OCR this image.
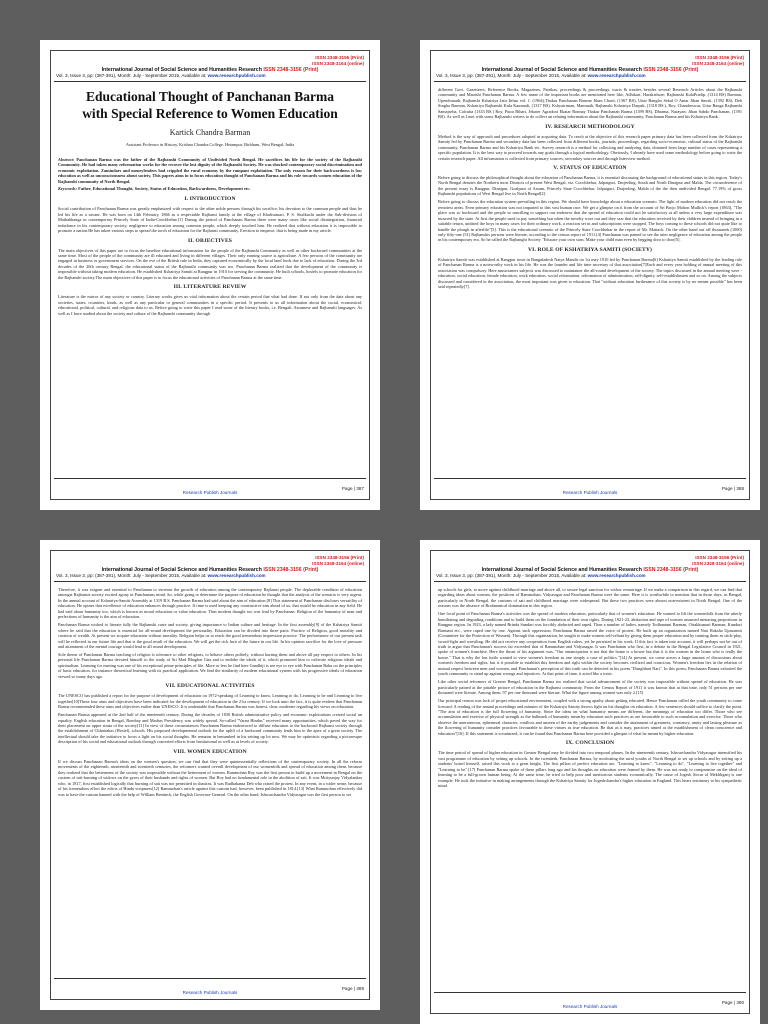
ISSN 2348-3156 (Print)
ISSN 2348-3164 (online)
International Journal of Social Science and Humanities Research ISSN 2348-3156 (Print)
Vol. 3, Issue 3, pp: (387-391), Month: July - September 2015, Available at: www.researchpublish.com
Educational Thought of Panchanan Barma
with Special Reference to Women Education
Kartick Chandra Barman
Assistant Professor in History, Krishna Chandra College, Hetampur, Birbhum, West Bengal, India
Abstract: Panchanan Barma was the father of the Rajbanshi Community of Undivided North Bengal. He sacrifices his life for the society of the Rajbanshi Community. He had taken many reformation works for the recover the lost dignity of the Rajbanshi Society. He was shocked contemporary social discrimination and economic exploitation. Zamindars and moneylenders had crippled the rural economy by the rampant exploitation. The only reason for their backwardness is low education as well as unconsciousness about society. This papers aims in to focus education thought of Panchanan Barma and his role towards women education of the Rajbanshi community of North Bengal.
Keywords: Father, Educational Thought, Society, Status of Education, Backwardness, Development etc.
I. INTRODUCTION

Social contribution of Panchanan Barma was greatly emphasized with respect to the other noble persons through his sacrifice, his devotion to the common people and thus he led his life as a savant. He was born on 14th February, 1866 as a respectable Rajbansi family at the village of Khalisamari, P. S. Sitalkuchi under the Sub-division of Mathabhanga in contemporary Princely State of India-Coochbehar.[1] During the period of Panchanan Barma there were many cases like social disintegration, financial imbalance in his contemporary society, negligence to education among common people, which deeply touched him. He realized that without education it is impossible to promote a nation.He has taken various steps to spread the torch of education for the Rajbansi community. Erection to emperor, that is being made in my article.

II. OBJECTIVES

The main objectives of this paper are to focus the baseline educational information for the people of the Rajbanshi Community as well as other backward communities at the same time. Most of the people of the community are ill educated and living in different villages. Their only earning source is agriculture. A few persons of the community are engaged in business or government services. On the eve of the British rule in India, they captured economically by the local land lords due to lack of education. During the 3rd decades of the 20th century Bengal, the educational status of the Rajbanshi community was too. Panchanan Barma realized that the development of the community is impossible without taking modern education. He established Kshatriya Samiti at Rangpur in 1910 for serving the community. He built schools, hostels to promote education for the Rajbanshi society.The main objectives of this paper is to focus the educational activities of Panchanan Barma at the same time.

III. LITERATURE REVIEW

Literature is the mirror of any society or country. Literary works gives us vital information about the certain period that what had done. If not only from the data about any societies, states, countries, kinds, as well as any particular or general communities in a specific period. It presents to us all information about the social, economical, educational, political, cultural, and religious data to us. Before going to write this paper I read some of the literary books, i.e. Bengali, Assamese and Rajbanshi languages. As well as I have studied about the society and culture of the Rajbanshi community through

Page | 387
Research Publish Journals
ISSN 2348-3156 (Print)
ISSN 2348-3164 (online)
International Journal of Social Science and Humanities Research ISSN 2348-3156 (Print)
Vol. 3, Issue 3, pp: (387-391), Month: July - September 2015, Available at: www.researchpublish.com

different Govt. Gazetteers, Reference Books, Magazines, Patrikas, proceedings & proceedings, tracts & treaties besides several Research Articles about the Rajbanshi community and Manishi Panchanan Barma. A few name of the important books are mentioned here like, Adhikari, Harakishore; Rajbanshi KulaPradip, (1314 BS) Barman, Upendranath; Rajbanshi Kshatriya Jatir Itihas vol. 1. (1964),Thakur Panchanan Barmar Jiban Charit, (1367 BS), Uttar Banglar Sekal O Amar Jiban Smriti, (1392 BS). Deb Singha Barman, Kshatriya Rajbanshi Kula Kaumudi, (1317 BS). Kshyatriman, Manmath, Rajbanshi Kshatriya Darpak, (1318 BS.), Roy, Chandreswar, Uttar Banga Rajbanshi Samajseba, Calcutta (1333 BS.) Roy, Putra Bihari, Jekater Agradoot Ekatar Bonnay Thakur Panchanan Barma (1399 BS), Dharma, Narayan; Jiban Sabdo Panchanan, (1391 BS). As well as I met with some Rajbanshi writers to do collect an relating information about the Rajbanshi community, Panchanan Barma and his Kshatriya Bank.

IV. RESEARCH METHODOLOGY

Method is the way of approach and procedures adopted in acquiring data. To reach at the objective of this research paper primary data has been collected from the Kshatriya Samity led by Panchanan Barma and secondary data has been collected from different books, journals, proceedings, regarding socio-economic, cultural status of the Rajbanshi community, Panchanan Barma and his Kshatriya Bank etc. Survey research is a method for collecting and analyzing data, obtained from large number of cases representing a specific population. It is the best way to proceed towards any goals through a logical methodology. Obviously, I already have used some methodology before going to write the certain research paper. All information is collected from primary sources, secondary sources and through Interview method.

V. STATUS OF EDUCATION

Before going to discuss the philosophical thought about the education of Panchanan Barma, it is essential discussing the background of educational status in this region. Today's North Bengal denotes the Northern most Districts of present West Bengal, viz. Coochbehar, Jalpaiguri, Darjeeling, South and North Dinajpur and Malda. The circumference of the present essay is Rangpur, Dinajpur, Goalpara of Assam, Princely State Coochbehar, Jalpaiguri, Darjeeling, Malda of the the then undivided Bengal. 77.19% of gross Rajbanshi populations of West Bengal live in North Bengal[2].

Before going to discuss the education system prevailing in this region. We should have knowledge about a education scenario. The light of modern education did not reach the remotest areas. Even primary education was not imparted to this vast human race. We get a glimpse on it from the account of Sri Brojo Mohon Mullick's report (1863), "The place was so backward and the people so unwilling to support our endeavor that the spread of education could not be satisfactory at all unless a very large expenditure was incurred by the state. At first the people used to pay something but when the novelty wore out and they saw that the education received by their children instead of bringing in a suitable return, unfitted the boys in many cases for their ordinary work, a reaction set in and subscriptions were stopped. The boys coming to these schools did not quite like to handle the plough in afterlife"[3]. This is the educational scenario of the Princely State Coochbehar in the report of Mr. Mattack. On the other hand out off thousands (1000) only fifty-one (51) Rajbanshis persons were literate, according to the census report of 1911.[4] Panchanan was pained to see the utter negligence of education among the people in his contemporary era. So he called the Rajbanghi Society "Educate your own sons. Make your child man even by begging door to door[5].

VI. ROLE OF KSHATRIYA SAMITI (SOCIETY)

Kshatriya Samiti was established at Rangpur town in Bangaladesh Natya Mandir on 1st may 1910 led by Panchanan Barma[6] Kshatriya Samiti established by the leading role of Panchanan Barma is a noteworthy work in his life. He was the founder and life time secretary of that association[7]Each and every year holding of annual meeting of this association was compulsory. Here musicianers subjects was discussed to maintainer the all-round development of the society. The topics discussed in the annual meeting were - education, social education, female education, work education, social reformation, reformation of administration, self-dignity, self-establishment and so on. Among the subjects discussed and considered in the association, the most important was given to education. That "without education furtherance of this society is by no means possible" has been said repeatedly[7].

Page | 388
Research Publish Journals
ISSN 2348-3156 (Print)
ISSN 2348-3164 (online)
International Journal of Social Science and Humanities Research ISSN 2348-3156 (Print)
Vol. 3, Issue 3, pp: (387-391), Month: July - September 2015, Available at: www.researchpublish.com

Therefore, it was exigent and essential to Panchanan to increase the growth of education among the contemporary Rajbansi people. The deplorable condition of education amongst Rajbansis society excited agony in Panchanans mind. So, while going to determine the purpose of education he thought that the analysis of the scenario is very urgent. In the annual account of Kshatriya-Samiti Assembly at 1319 B.S. Panchanan Barma had said about the aim of education.[8] This statement of Panchanan discloses versatility of education. He opines that excellence of education enhances through practice. If time is used keeping any constructive aim ahead of us, that would be education in any field. He had said about humanity too, which is known as moral education or value education. Thus modern thought too was lead by Panchanan. Religion of the humanity of man and perfections of humanity is the aim of education.

Panchanan Barma wished to literate fully the Rajbanshi caste and society, giving importance to Indian culture and heritage. In the first assembly[9] of the Kshatriya Samiti where he said that the education is essential for all-round development the personality. Education can be divided into three parts: Practice of Religion, good morality and creation of wealth. At present we acquire education without morality. Religion helps us to reach the good tremendous impression practice. The performance of our present task will be reflected in our future life and that is the good result of the education. We will get the rich fruit of the future in our life. In his opinion sacrifice for the love of pressure and attainment of the mental courage would lead to all round development.

Sole theme of Panchanan Barma teaching of religion is tolerance to other religions, to behave others politely, without hurting them and above all pay respect to others. In his personal life Panchanan Barma devoted himself to the study of Sri Mad Bhagbat Gita and to embibe the ideals of it, which promoted him to cultivate religious ideals and spiritualism. Learning for earning was one of his exceptional prime principles of life. More or less he find here Gandhiji is see eye to eye with Panchanan Babu on the principles of basic education. for instance theoretical learning with its practical application. We find the similarity of modern educational system with his progressive ideals of education viewed so many days ago.

VII. EDUCATIONAL ACTIVITIES

The UNESCO has published a report for the purpose of development of education on 1972-speaking of Learning to know, Learning to do, Learning to be and Learning to live together[10]These four aims and objectives have been indicated for the development of education in the 21st century. If we look unto the fact, it is quite evident that Panchanan Barma recommended these aims and objectives earlier than UNESCO. It is undeniable that Panchanan Barma was honest, clear, moderate regarding his views on education.

Panchanan Barma appeared at the 2nd half of the nineteenth century. During the decades of 1830 British administrative policy and economic exploitations created social un equality. English education in Bengal, Bombay and Madras Presidency was widely spread. So-called "Varna Hindus" received many opportunities, which paved the way for their placement on upper strata of the society[11] In view of these circumstances Panchanan Barma endeavored to diffuse education to the backward Rajbansi society through the establishment of Chhatrabas (Hostel), schools. His proposed developmental outlook for the uplift of a backward community lends him to the apex of a great society. The intellectual should take the initiative to focus a light on his social thoughts. He remains in benumbed in his setting up lot now. We may be optimistic regarding a picturesque description of his social and educational outlook through concerted efforts from Institutional as well as at levels of society.

VIII. WOMEN EDUCATION

If we discuss Panchanan Barma's ideas on the women's question, we can find that they were quintessentially reflections of the contemporary society. In all the reform movements of the eighteenth, nineteenth and twentieth centuries, the reformers wanted overall development of our womenfolk and spread of education among them, because they realized that the betterment of the society was impossible without the betterment of women. Rammohan Roy was the first person to build up a movement in Bengal on the custom of sati-burning of widows on the pyres of their husbands and rights of women. But Roy had no fundamental role in the abolition of sati. It was Mrityunjay Vidyalankar who, in 1817, first established logically that burning of sati was not permitted in shastras. It was Radhakanta Deb who raised the protest. In any event, in a wider sense, because of his tremendous effort the edicts of Hindu scriptures[12] Rammohan's article against this custom had, however, been published in 1814.[13] What Rammohan effectively did was to have the custom banned with the help of William Bentinck, the English Governor-General. On the other hand, Ishwarchandra Vidyasagar was the first person to set

Page | 389
Research Publish Journals
ISSN 2348-3156 (Print)
ISSN 2348-3164 (online)
International Journal of Social Science and Humanities Research ISSN 2348-3156 (Print)
Vol. 3, Issue 3, pp: (387-391), Month: July - September 2015, Available at: www.researchpublish.com

up schools for girls, to move against childhood marriage and above all, to secure legal sanction for widow remarriage. If we make a comparison in this regard, we can find that regarding ideas about women, the positions of Rammohan, Vidyasagar and Panchanan Barma were the same. Here it is worthwhile to mention that in those days, in Bengal, particularly in North Bengal, the customs of sati and childhood marriage were widespread. But these two practices were almost non-existent in North Bengal. One of the reasons was the absence of Brahmanical domination in this region.

One focal point of Panchanan Barma's activities was the spread of modern education, particularly that of women's education. He wanted to lift the womenfolk from the utterly humiliating and degrading conditions and to build them on the foundation of their own rights. During 1921-23, abduction and rape of women assumed menacing proportions in Rangpur region. In 1923, a lady named Brinda Sundari was forcibly abducted and raped. Then a number of ladies, namely Todhantuni Barman, Oirakkumari Barman, Kunduri Barmani etc., were raped one by one. Against such oppression, Panchanan Barma raised the voice of protest. He built up an organization named Nari Raksha Upasamiti (Committee for the Protection of Women). Through this organization, he sought to make women self-reliant by giving them proper education and by training them as stick-play, sword-fight and wrestling. He did not receive any cooperation from English rulers, yet he persisted in his work. If this fact is taken into account, it will perhaps not be out of truth to argue that Panchanan's success far exceeded that of Rammohan and Vidyasagar. It was Panchanan who first, in a debate in the Bengal Legislative Council in 1921, spoke of women's franchise. Here the thrust of his argument was, "Our emancipation is not that the home is a bower but that it is the women in the home who is really the house." That is why the has futile wanted to view women's freedom as one simply a case of politics."[14] At present, we come across a large amount of discussions about women's freedom and rights, but is it possible to establish this freedom and right within the society becomes civilized and conscious. Women's freedom lies in the relation of mutual respect between men and women, and Panchanan's perception of this truth can be detected in his poem "Dunghhati Nari". In this poem, Panchanan Barma exhorted the youth community to stand up against wrongs and injustices. At that point of time, it acted like a tonic.

Like other social reformers of Greater Bengal, Panchanan Barma too realized that social advancement of the society was impossible without spread of education. He was particularly pained at the pitiable picture of education in the Rajbansi community. From the Census Report of 1911 it was known that at that time, only 51 persons per one thousand were literate. Among them, 97 per one thousand were literate. What the figure among women was only 2.[15]

Our principal reason was lack of proper educational environment, coupled with a strong apathy about getting educated. Hence Panchanan called the youth community to come forward. A reading of the annual proceedings and minutes of the Kshatriya Samity throws light on his thoughts on education. A few sentences should suffice to clarify the point. "The aim of education is the full flowering of humanity. Since the ideas on what humanity means are different, the meanings of education too differ. Those who see accumulation and exercise of physical strength as the hallmark of humanity mean by education such practices as are favourable to such accumulation and exercise. Those who observe the unerroneous, ephemeral character, conflicts and unseen of the earthy judgements and consider the attainment of greatness, constancy, amity and lasting pleasure as the flowering of humanity consider practices favourable to these virtues as true education. Be that as it may, practices aimed at the establishment of clean conscience and education"[16]. If this statement is scrutinized, it can be found that Panchanan Barma here provided a glimpse of what he meant by higher education.

IX. CONCLUSION

The time period of spread of higher education in Greater Bengal may be divided into two temporal phases. In the nineteenth century, Ishwarchandra Vidyasagar intensified his vast programme of education by setting up schools. In the twentieth, Panchanan Barma, by motivating the rural youths of North Bengal to set up schools and by setting up a students' hostel himself, raised this work to a great height. The first pillars of perfect education are, "Learning to know", "Learning to do", "Learning to live together" and "Learning to be".[17] Panchanan Barma spoke of these pillars long ago and his thoughts on education were framed by them. He was not ready to compromise on the ideal of learning to be a full-grown human being. At the same time, he tried to help poor and meritorious students economically. The cause of Jogesh Sircar of Mekhliganj is one example. He took the initiative in making arrangements through the Kshatriya Samity for Jogeshchandra's higher education in England. This bears testimony to his sympathetic mind.

Page | 390
Research Publish Journals
